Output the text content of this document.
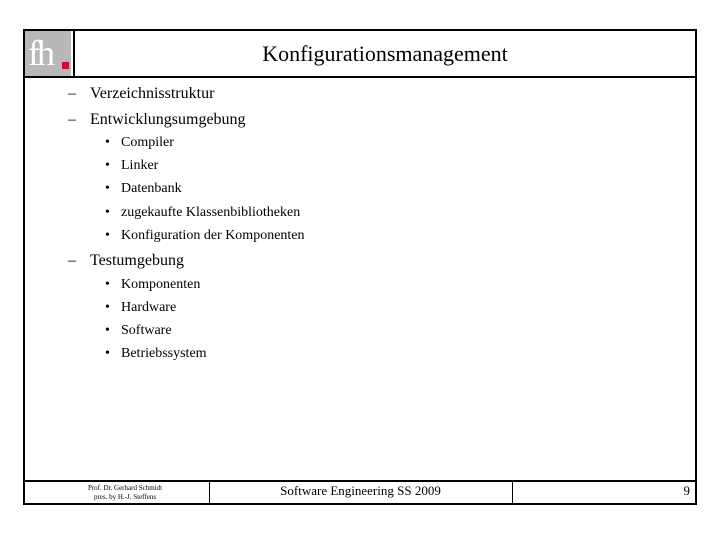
fh	Konfigurationsmanagement
– Verzeichnisstruktur
– Entwicklungsumgebung
• Compiler
• Linker
• Datenbank
• zugekaufte Klassenbibliotheken
• Konfiguration der Komponenten
– Testumgebung
• Komponenten
• Hardware
• Software
• Betriebssystem
Prof. Dr. Gerhard Schmidt
pres. by H.-J. Steffens	Software Engineering SS 2009	9
